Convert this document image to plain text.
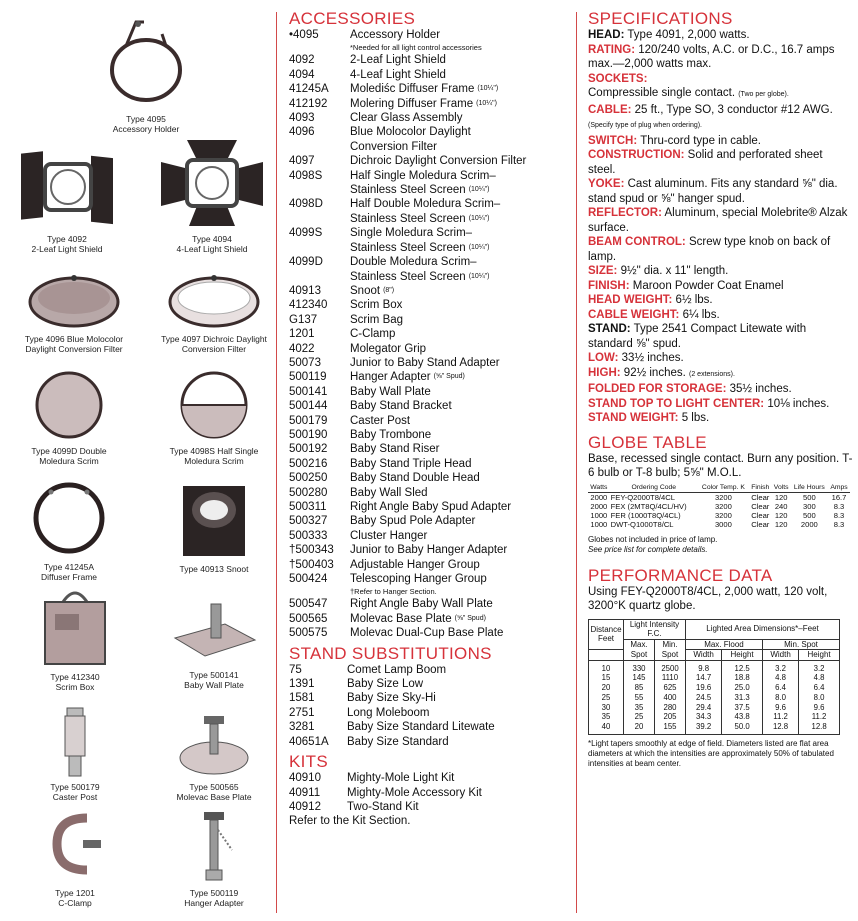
Type 4095
Accessory Holder
Type 4092
2-Leaf Light Shield
Type 4094
4-Leaf Light Shield
Type 4096 Blue Molocolor
Daylight Conversion Filter
Type 4097 Dichroic Daylight
Conversion Filter
Type 4099D Double
Moledura Scrim
Type 4098S Half Single
Moledura Scrim
Type 41245A
Diffuser Frame
Type 40913 Snoot
Type 412340
Scrim Box
Type 500141
Baby Wall Plate
Type 500179
Caster Post
Type 500565
Molevac Base Plate
Type 1201
C-Clamp
Type 500119
Hanger Adapter
ACCESSORIES
•4095	Accessory Holder
*Needed for all light control accessories
4092	2-Leaf Light Shield
4094	4-Leaf Light Shield
41245A	Molediśc Diffuser Frame (10¼")
412192	Molering Diffuser Frame (10¼")
4093	Clear Glass Assembly
4096	Blue Molocolor Daylight
Conversion Filter
4097	Dichroic Daylight Conversion Filter
4098S	Half Single Moledura Scrim–
Stainless Steel Screen (10¼")
4098D	Half Double Moledura Scrim–
Stainless Steel Screen (10¼")
4099S	Single Moledura Scrim–
Stainless Steel Screen (10¼")
4099D	Double Moledura Scrim–
Stainless Steel Screen (10¼")
40913	Snoot (8")
412340	Scrim Box
G137	Scrim Bag
1201	C-Clamp
4022	Molegator Grip
50073	Junior to Baby Stand Adapter
500119	Hanger Adapter (⅝" Spud)
500141	Baby Wall Plate
500144	Baby Stand Bracket
500179	Caster Post
500190	Baby Trombone
500192	Baby Stand Riser
500216	Baby Stand Triple Head
500250	Baby Stand Double Head
500280	Baby Wall Sled
500311	Right Angle Baby Spud Adapter
500327	Baby Spud Pole Adapter
500333	Cluster Hanger
†500343	Junior to Baby Hanger Adapter
†500403	Adjustable Hanger Group
500424	Telescoping Hanger Group
†Refer to Hanger Section.
500547	Right Angle Baby Wall Plate
500565	Molevac Base Plate (⅝" Spud)
500575	Molevac Dual-Cup Base Plate
STAND SUBSTITUTIONS
75	Comet Lamp Boom
1391	Baby Size Low
1581	Baby Size Sky-Hi
2751	Long Moleboom
3281	Baby Size Standard Litewate
40651A	Baby Size Standard
KITS
40910	Mighty-Mole Light Kit
40911	Mighty-Mole Accessory Kit
40912	Two-Stand Kit
Refer to the Kit Section.
SPECIFICATIONS

HEAD: Type 4091, 2,000 watts.

RATING: 120/240 volts, A.C. or D.C., 16.7 amps max.—2,000 watts max.

SOCKETS:

Compressible single contact. (Two per globe).

CABLE: 25 ft., Type SO, 3 conductor #12 AWG. (Specify type of plug when ordering).

SWITCH: Thru-cord type in cable.

CONSTRUCTION: Solid and perforated sheet steel.

YOKE: Cast aluminum. Fits any standard ⅝" dia. stand spud or ⅝" hanger spud.

REFLECTOR: Aluminum, special Molebrite® Alzak surface.

BEAM CONTROL: Screw type knob on back of lamp.

SIZE: 9½" dia. x 11" length.

FINISH: Maroon Powder Coat Enamel

HEAD WEIGHT: 6½ lbs.

CABLE WEIGHT: 6¼ lbs.

STAND: Type 2541 Compact Litewate with standard ⅝" spud.

LOW: 33½ inches.

HIGH: 92½ inches. (2 extensions).

FOLDED FOR STORAGE: 35½ inches.

STAND TOP TO LIGHT CENTER: 10⅛ inches.

STAND WEIGHT: 5 lbs.

GLOBE TABLE
Base, recessed single contact. Burn any position. T-6 bulb or T-8 bulb; 5⅝" M.O.L.
Watts	Ordering Code	Color Temp. K	Finish	Volts	Life Hours	Amps
2000	FEY-Q2000T8/4CL	3200	Clear	120	500	16.7
2000	FEX (2MT8Q/4CL/HV)	3200	Clear	240	300	8.3
1000	FER (1000T8Q/4CL)	3200	Clear	120	500	8.3
1000	DWT-Q1000T8/CL	3000	Clear	120	2000	8.3
Globes not included in price of lamp.
See price list for complete details.
PERFORMANCE DATA
Using FEY-Q2000T8/4CL, 2,000 watt, 120 volt, 3200°K quartz globe.
Distance Feet	Light Intensity F.C.		Lighted Area Dimensions*–Feet			
	Max. Spot	Min. Spot	Max. Flood		Min. Spot	
			Width	Height	Width	Height
10	330	2500	9.8	12.5	3.2	3.2
15	145	1110	14.7	18.8	4.8	4.8
20	85	625	19.6	25.0	6.4	6.4
25	55	400	24.5	31.3	8.0	8.0
30	35	280	29.4	37.5	9.6	9.6
35	25	205	34.3	43.8	11.2	11.2
40	20	155	39.2	50.0	12.8	12.8
*Light tapers smoothly at edge of field. Diameters listed are flat area diameters at which the intensities are approximately 50% of tabulated intensities at beam center.
